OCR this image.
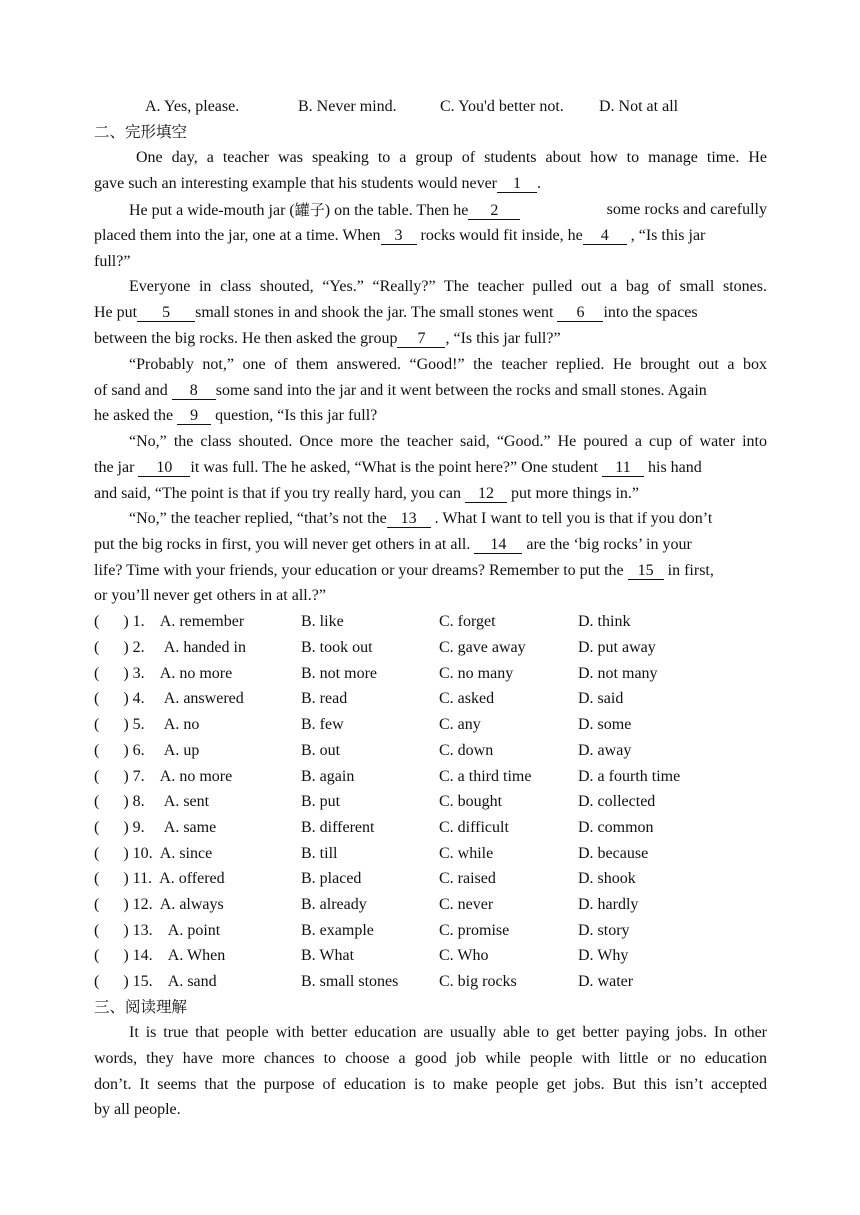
A. Yes, please.	B. Never mind.	C. You'd better not. D. Not at all
二、完形填空
One day, a teacher was speaking to a group of students about how to manage time. He
gave such an interesting example that his students would never 1 .
He put a wide-mouth jar (罐子) on the table. Then he 2	some rocks and carefully
placed them into the jar, one at a time. When 3 rocks would fit inside, he 4 , “Is this jar
full?”
Everyone in class shouted, “Yes.” “Really?” The teacher pulled out a bag of small stones.
He put 5 small stones in and shook the jar. The small stones went 6 into the spaces
between the big rocks. He then asked the group 7 , “Is this jar full?”
“Probably not,” one of them answered. “Good!” the teacher replied. He brought out a box
of sand and 8 some sand into the jar and it went between the rocks and small stones. Again
he asked the 9 question, “Is this jar full?
“No,” the class shouted. Once more the teacher said, “Good.” He poured a cup of water into
the jar 10 it was full. The he asked, “What is the point here?” One student 11 his hand
and said, “The point is that if you try really hard, you can 12 put more things in.”
“No,” the teacher replied, “that’s not the 13 . What I want to tell you is that if you don’t
put the big rocks in first, you will never get others in at all. 14 are the ‘big rocks’ in your
life? Time with your friends, your education or your dreams? Remember to put the 15 in first,
or you’ll never get others in at all.?”
(      ) 1.    A. remember	B. like	C. forget	D. think
(      ) 2.     A. handed in	B. took out	C. gave away	D. put away
(      ) 3.    A. no more	B. not more	C. no many	D. not many
(      ) 4.     A. answered	B. read	C. asked	D. said
(      ) 5.     A. no	B. few	C. any	D. some
(      ) 6.     A. up	B. out	C. down	D. away
(      ) 7.    A. no more	B. again	C. a third time	D. a fourth time
(      ) 8.     A. sent	B. put	C. bought	D. collected
(      ) 9.     A. same	B. different	C. difficult	D. common
(      ) 10.  A. since	B. till	C. while	D. because
(      ) 11.  A. offered	B. placed	C. raised	D. shook
(      ) 12.  A. always	B. already	C. never	D. hardly
(      ) 13.    A. point	B. example	C. promise	D. story
(      ) 14.    A. When	B. What	C. Who	D. Why
(      ) 15.    A. sand	B. small stones	C. big rocks	D. water
三、阅读理解
It is true that people with better education are usually able to get better paying jobs. In other
words, they have more chances to choose a good job while people with little or no education
don’t. It seems that the purpose of education is to make people get jobs. But this isn’t accepted
by all people.
